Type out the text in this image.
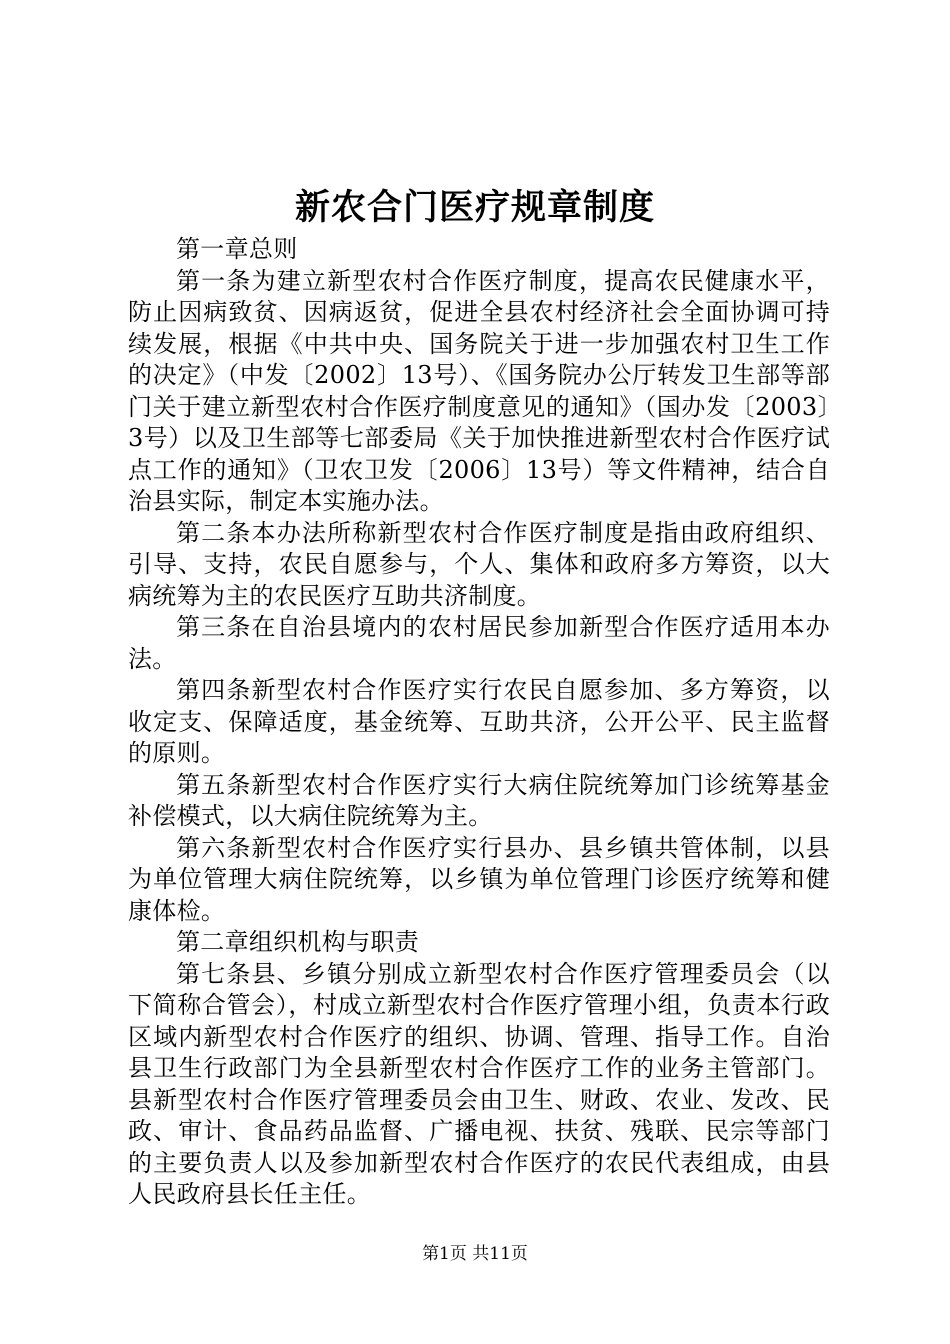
新农合门医疗规章制度

第一章总则

第一条为建立新型农村合作医疗制度，提高农民健康水平，防止因病致贫、因病返贫，促进全县农村经济社会全面协调可持续发展，根据《中共中央、国务院关于进一步加强农村卫生工作的决定》（中发〔2002〕13号）、《国务院办公厅转发卫生部等部门关于建立新型农村合作医疗制度意见的通知》（国办发〔2003〕3号）以及卫生部等七部委局《关于加快推进新型农村合作医疗试点工作的通知》（卫农卫发〔2006〕13号）等文件精神，结合自治县实际，制定本实施办法。

第二条本办法所称新型农村合作医疗制度是指由政府组织、引导、支持，农民自愿参与，个人、集体和政府多方筹资，以大病统筹为主的农民医疗互助共济制度。

第三条在自治县境内的农村居民参加新型合作医疗适用本办法。

第四条新型农村合作医疗实行农民自愿参加、多方筹资，以收定支、保障适度，基金统筹、互助共济，公开公平、民主监督的原则。

第五条新型农村合作医疗实行大病住院统筹加门诊统筹基金补偿模式，以大病住院统筹为主。

第六条新型农村合作医疗实行县办、县乡镇共管体制，以县为单位管理大病住院统筹，以乡镇为单位管理门诊医疗统筹和健康体检。

第二章组织机构与职责

第七条县、乡镇分别成立新型农村合作医疗管理委员会（以下简称合管会），村成立新型农村合作医疗管理小组，负责本行政区域内新型农村合作医疗的组织、协调、管理、指导工作。自治县卫生行政部门为全县新型农村合作医疗工作的业务主管部门。县新型农村合作医疗管理委员会由卫生、财政、农业、发改、民政、审计、食品药品监督、广播电视、扶贫、残联、民宗等部门的主要负责人以及参加新型农村合作医疗的农民代表组成，由县人民政府县长任主任。

第1页 共11页
